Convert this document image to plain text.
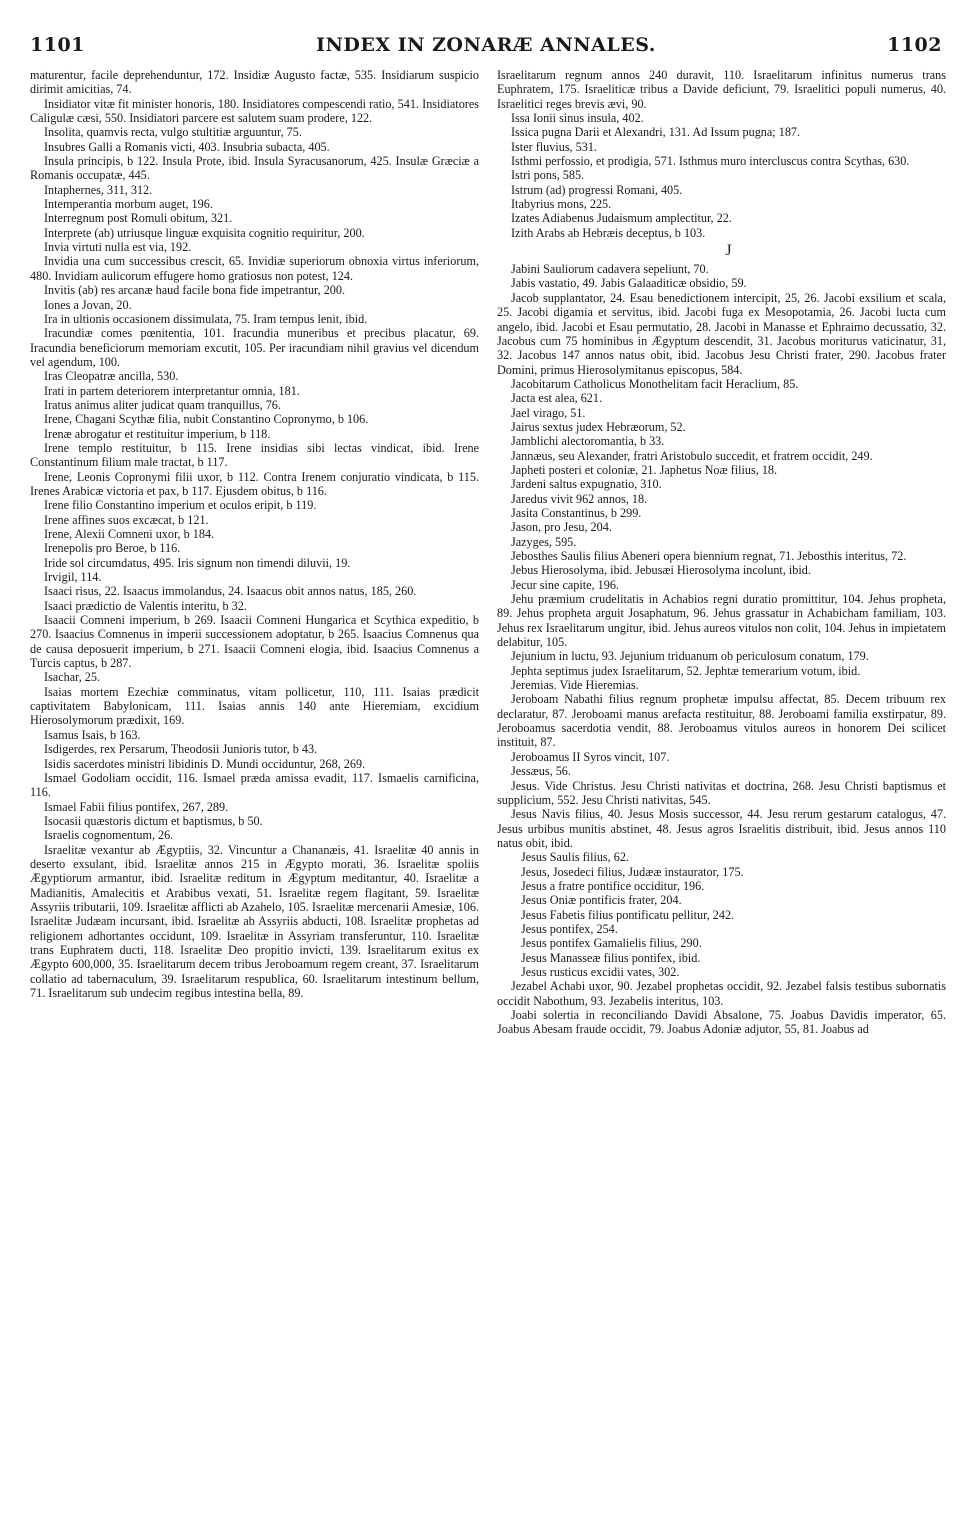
1101	INDEX IN ZONARÆ ANNALES.	1102

maturentur, facile deprehenduntur, 172. Insidiæ Augusto factæ, 535. Insidiarum suspicio dirimit amicitias, 74.

Insidiator vitæ fit minister honoris, 180. Insidiatores compescendi ratio, 541. Insidiatores Caligulæ cæsi, 550. Insidiatori parcere est salutem suam prodere, 122.

Insolita, quamvis recta, vulgo stultitiæ arguuntur, 75.

Insubres Galli a Romanis victi, 403. Insubria subacta, 405.

Insula principis, b 122. Insula Prote, ibid. Insula Syracusanorum, 425. Insulæ Græciæ a Romanis occupatæ, 445.

Intaphernes, 311, 312.

Intemperantia morbum auget, 196.

Interregnum post Romuli obitum, 321.

Interprete (ab) utriusque linguæ exquisita cognitio requiritur, 200.

Invia virtuti nulla est via, 192.

Invidia una cum successibus crescit, 65. Invidiæ superiorum obnoxia virtus inferiorum, 480. Invidiam aulicorum effugere homo gratiosus non potest, 124.

Invitis (ab) res arcanæ haud facile bona fide impetrantur, 200.

Iones a Jovan, 20.

Ira in ultionis occasionem dissimulata, 75. Iram tempus lenit, ibid.

Iracundiæ comes pœnitentia, 101. Iracundia muneribus et precibus placatur, 69. Iracundia beneficiorum memoriam excutit, 105. Per iracundiam nihil gravius vel dicendum vel agendum, 100.

Iras Cleopatræ ancilla, 530.

Irati in partem deteriorem interpretantur omnia, 181.

Iratus animus aliter judicat quam tranquillus, 76.

Irene, Chagani Scythæ filia, nubit Constantino Copronymo, b 106.

Irenæ abrogatur et restituitur imperium, b 118.

Irene templo restituitur, b 115. Irene insidias sibi lectas vindicat, ibid. Irene Constantinum filium male tractat, b 117.

Irene, Leonis Copronymi filii uxor, b 112. Contra Irenem conjuratio vindicata, b 115. Irenes Arabicæ victoria et pax, b 117. Ejusdem obitus, b 116.

Irene filio Constantino imperium et oculos eripit, b 119.

Irene affines suos excæcat, b 121.

Irene, Alexii Comneni uxor, b 184.

Irenepolis pro Beroe, b 116.

Iride sol circumdatus, 495. Iris signum non timendi diluvii, 19.

Irvigil, 114.

Isaaci risus, 22. Isaacus immolandus, 24. Isaacus obit annos natus, 185, 260.

Isaaci prædictio de Valentis interitu, b 32.

Isaacii Comneni imperium, b 269. Isaacii Comneni Hungarica et Scythica expeditio, b 270. Isaacius Comnenus in imperii successionem adoptatur, b 265. Isaacius Comnenus qua de causa deposuerit imperium, b 271. Isaacii Comneni elogia, ibid. Isaacius Comnenus a Turcis captus, b 287.

Isachar, 25.

Isaias mortem Ezechiæ comminatus, vitam pollicetur, 110, 111. Isaias prædicit captivitatem Babylonicam, 111. Isaias annis 140 ante Hieremiam, excidium Hierosolymorum prædixit, 169.

Isamus Isais, b 163.

Isdigerdes, rex Persarum, Theodosii Junioris tutor, b 43.

Isidis sacerdotes ministri libidinis D. Mundi occiduntur, 268, 269.

Ismael Godoliam occidit, 116. Ismael præda amissa evadit, 117. Ismaelis carnificina, 116.

Ismael Fabii filius pontifex, 267, 289.

Isocasii quæstoris dictum et baptismus, b 50.

Israelis cognomentum, 26.

Israelitæ vexantur ab Ægyptiis, 32. Vincuntur a Chananæis, 41. Israelitæ 40 annis in deserto exsulant, ibid. Israelitæ annos 215 in Ægypto morati, 36. Israelitæ spoliis Ægyptiorum armantur, ibid. Israelitæ reditum in Ægyptum meditantur, 40. Israelitæ a Madianitis, Amalecitis et Arabibus vexati, 51. Israelitæ regem flagitant, 59. Israelitæ Assyriis tributarii, 109. Israelitæ afflicti ab Azahelo, 105. Israelitæ mercenarii Amesiæ, 106. Israelitæ Judæam incursant, ibid. Israelitæ ab Assyriis abducti, 108. Israelitæ prophetas ad religionem adhortantes occidunt, 109. Israelitæ in Assyriam transferuntur, 110. Israelitæ trans Euphratem ducti, 118. Israelitæ Deo propitio invicti, 139. Israelitarum exitus ex Ægypto 600,000, 35. Israelitarum decem tribus Jeroboamum regem creant, 37. Israelitarum collatio ad tabernaculum, 39. Israelitarum respublica, 60. Israelitarum intestinum bellum, 71. Israelitarum sub undecim regibus intestina bella, 89.

Israelitarum regnum annos 240 duravit, 110. Israelitarum infinitus numerus trans Euphratem, 175. Israeliticæ tribus a Davide deficiunt, 79. Israelitici populi numerus, 40. Israelitici reges brevis ævi, 90.

Issa Ionii sinus insula, 402.

Issica pugna Darii et Alexandri, 131. Ad Issum pugna; 187.

Ister fluvius, 531.

Isthmi perfossio, et prodigia, 571. Isthmus muro intercluscus contra Scythas, 630.

Istri pons, 585.

Istrum (ad) progressi Romani, 405.

Itabyrius mons, 225.

Izates Adiabenus Judaismum amplectitur, 22.

Izith Arabs ab Hebræis deceptus, b 103.

J

Jabini Sauliorum cadavera sepeliunt, 70.

Jabis vastatio, 49. Jabis Galaaditicæ obsidio, 59.

Jacob supplantator, 24. Esau benedictionem intercipit, 25, 26. Jacobi exsilium et scala, 25. Jacobi digamia et servitus, ibid. Jacobi fuga ex Mesopotamia, 26. Jacobi lucta cum angelo, ibid. Jacobi et Esau permutatio, 28. Jacobi in Manasse et Ephraimo decussatio, 32. Jacobus cum 75 hominibus in Ægyptum descendit, 31. Jacobus moriturus vaticinatur, 31, 32. Jacobus 147 annos natus obit, ibid. Jacobus Jesu Christi frater, 290. Jacobus frater Domini, primus Hierosolymitanus episcopus, 584.

Jacobitarum Catholicus Monothelitam facit Heraclium, 85.

Jacta est alea, 621.

Jael virago, 51.

Jairus sextus judex Hebræorum, 52.

Jamblichi alectoromantia, b 33.

Jannæus, seu Alexander, fratri Aristobulo succedit, et fratrem occidit, 249.

Japheti posteri et coloniæ, 21. Japhetus Noæ filius, 18.

Jardeni saltus expugnatio, 310.

Jaredus vivit 962 annos, 18.

Jasita Constantinus, b 299.

Jason, pro Jesu, 204.

Jazyges, 595.

Jebosthes Saulis filius Abeneri opera biennium regnat, 71. Jebosthis interitus, 72.

Jebus Hierosolyma, ibid. Jebusæi Hierosolyma incolunt, ibid.

Jecur sine capite, 196.

Jehu præmium crudelitatis in Achabios regni duratio promittitur, 104. Jehus propheta, 89. Jehus propheta arguit Josaphatum, 96. Jehus grassatur in Achabicham familiam, 103. Jehus rex Israelitarum ungitur, ibid. Jehus aureos vitulos non colit, 104. Jehus in impietatem delabitur, 105.

Jejunium in luctu, 93. Jejunium triduanum ob periculosum conatum, 179.

Jephta septimus judex Israelitarum, 52. Jephtæ temerarium votum, ibid.

Jeremias. Vide Hieremias.

Jeroboam Nabathi filius regnum prophetæ impulsu affectat, 85. Decem tribuum rex declaratur, 87. Jeroboami manus arefacta restituitur, 88. Jeroboami familia exstirpatur, 89. Jeroboamus sacerdotia vendit, 88. Jeroboamus vitulos aureos in honorem Dei scilicet instituit, 87.

Jeroboamus II Syros vincit, 107.

Jessæus, 56.

Jesus. Vide Christus. Jesu Christi nativitas et doctrina, 268. Jesu Christi baptismus et supplicium, 552. Jesu Christi nativitas, 545.

Jesus Navis filius, 40. Jesus Mosis successor, 44. Jesu rerum gestarum catalogus, 47. Jesus urbibus munitis abstinet, 48. Jesus agros Israelitis distribuit, ibid. Jesus annos 110 natus obit, ibid.

Jesus Saulis filius, 62.

Jesus, Josedeci filius, Judææ instaurator, 175.

Jesus a fratre pontifice occiditur, 196.

Jesus Oniæ pontificis frater, 204.

Jesus Fabetis filius pontificatu pellitur, 242.

Jesus pontifex, 254.

Jesus pontifex Gamalielis filius, 290.

Jesus Manasseæ filius pontifex, ibid.

Jesus rusticus excidii vates, 302.

Jezabel Achabi uxor, 90. Jezabel prophetas occidit, 92. Jezabel falsis testibus subornatis occidit Nabothum, 93. Jezabelis interitus, 103.

Joabi solertia in reconciliando Davidi Absalone, 75. Joabus Davidis imperator, 65. Joabus Abesam fraude occidit, 79. Joabus Adoniæ adjutor, 55, 81. Joabus ad
